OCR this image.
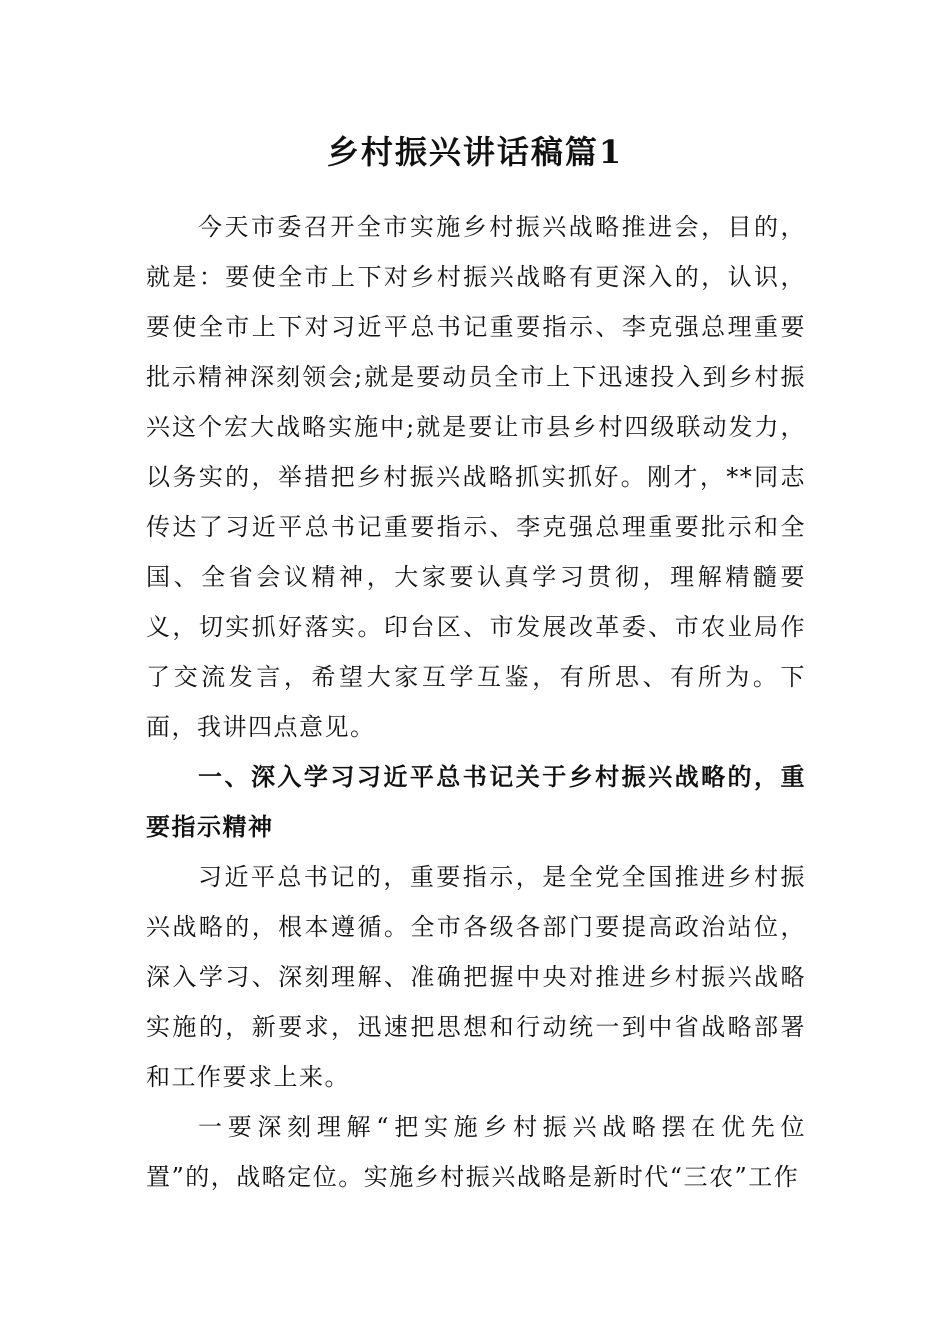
乡村振兴讲话稿篇1

今天市委召开全市实施乡村振兴战略推进会，目的，就是：要使全市上下对乡村振兴战略有更深入的，认识，要使全市上下对习近平总书记重要指示、李克强总理重要批示精神深刻领会;就是要动员全市上下迅速投入到乡村振兴这个宏大战略实施中;就是要让市县乡村四级联动发力，以务实的，举措把乡村振兴战略抓实抓好。刚才，**同志传达了习近平总书记重要指示、李克强总理重要批示和全国、全省会议精神，大家要认真学习贯彻，理解精髓要义，切实抓好落实。印台区、市发展改革委、市农业局作了交流发言，希望大家互学互鉴，有所思、有所为。下面，我讲四点意见。

一、深入学习习近平总书记关于乡村振兴战略的，重要指示精神

习近平总书记的，重要指示，是全党全国推进乡村振兴战略的，根本遵循。全市各级各部门要提高政治站位，深入学习、深刻理解、准确把握中央对推进乡村振兴战略实施的，新要求，迅速把思想和行动统一到中省战略部署和工作要求上来。

一要深刻理解“把实施乡村振兴战略摆在优先位置”的，战略定位。实施乡村振兴战略是新时代“三农”工作
